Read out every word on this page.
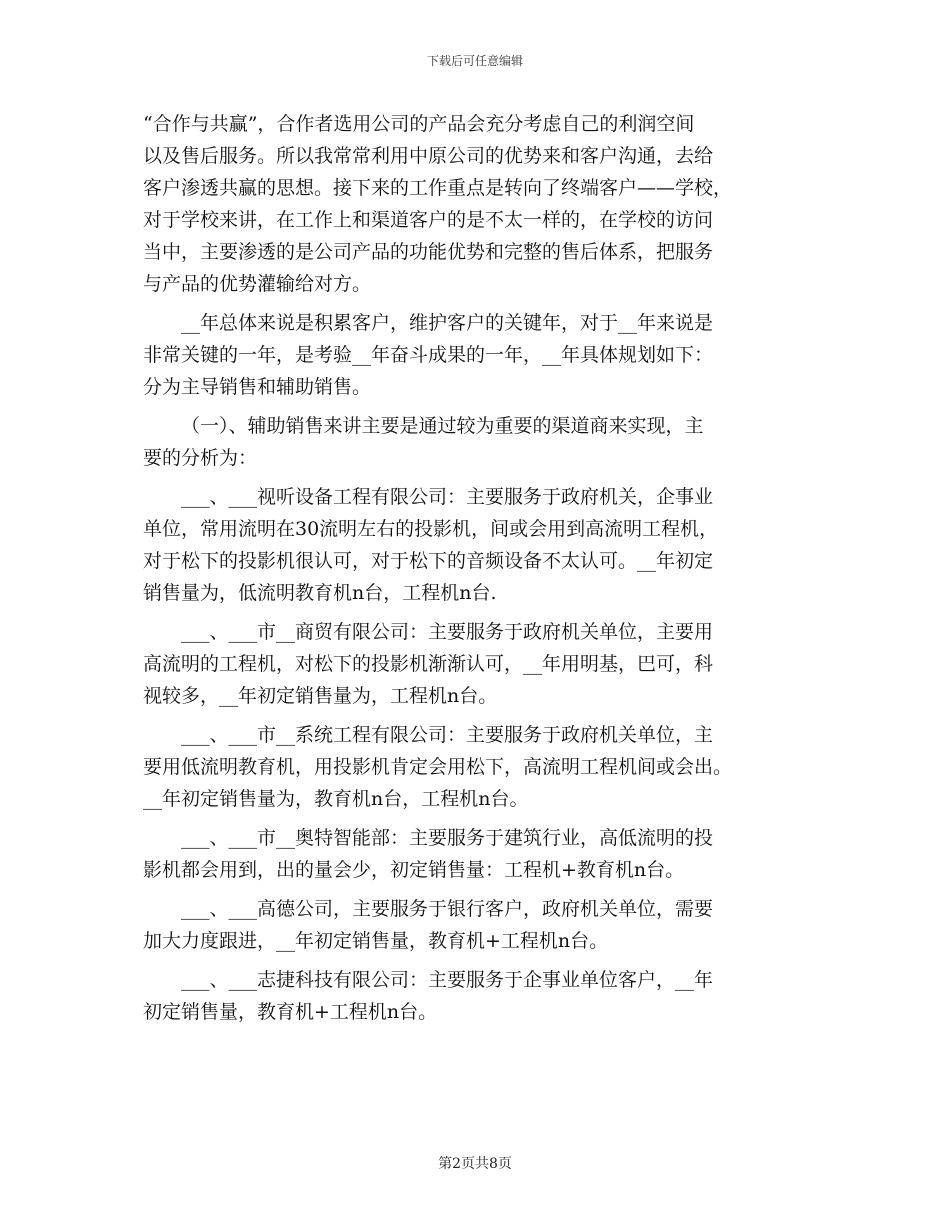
下载后可任意编辑

“合作与共赢”，合作者选用公司的产品会充分考虑自己的利润空间
以及售后服务。所以我常常利用中原公司的优势来和客户沟通，去给
客户渗透共赢的思想。接下来的工作重点是转向了终端客户——学校，
对于学校来讲，在工作上和渠道客户的是不太一样的，在学校的访问
当中，主要渗透的是公司产品的功能优势和完整的售后体系，把服务
与产品的优势灌输给对方。

__年总体来说是积累客户，维护客户的关键年，对于__年来说是
非常关键的一年，是考验__年奋斗成果的一年，__年具体规划如下：
分为主导销售和辅助销售。

（一）、辅助销售来讲主要是通过较为重要的渠道商来实现，主
要的分析为：

___、___视听设备工程有限公司：主要服务于政府机关，企事业
单位，常用流明在30流明左右的投影机，间或会用到高流明工程机，
对于松下的投影机很认可，对于松下的音频设备不太认可。__年初定
销售量为，低流明教育机n台，工程机n台.

___、___市__商贸有限公司：主要服务于政府机关单位，主要用
高流明的工程机，对松下的投影机渐渐认可，__年用明基，巴可，科
视较多，__年初定销售量为，工程机n台。

___、___市__系统工程有限公司：主要服务于政府机关单位，主
要用低流明教育机，用投影机肯定会用松下，高流明工程机间或会出。
__年初定销售量为，教育机n台，工程机n台。

___、___市__奥特智能部：主要服务于建筑行业，高低流明的投
影机都会用到，出的量会少，初定销售量：工程机+教育机n台。

___、___高德公司，主要服务于银行客户，政府机关单位，需要
加大力度跟进，__年初定销售量，教育机+工程机n台。

___、___志捷科技有限公司：主要服务于企事业单位客户，__年
初定销售量，教育机+工程机n台。

第2页共8页
